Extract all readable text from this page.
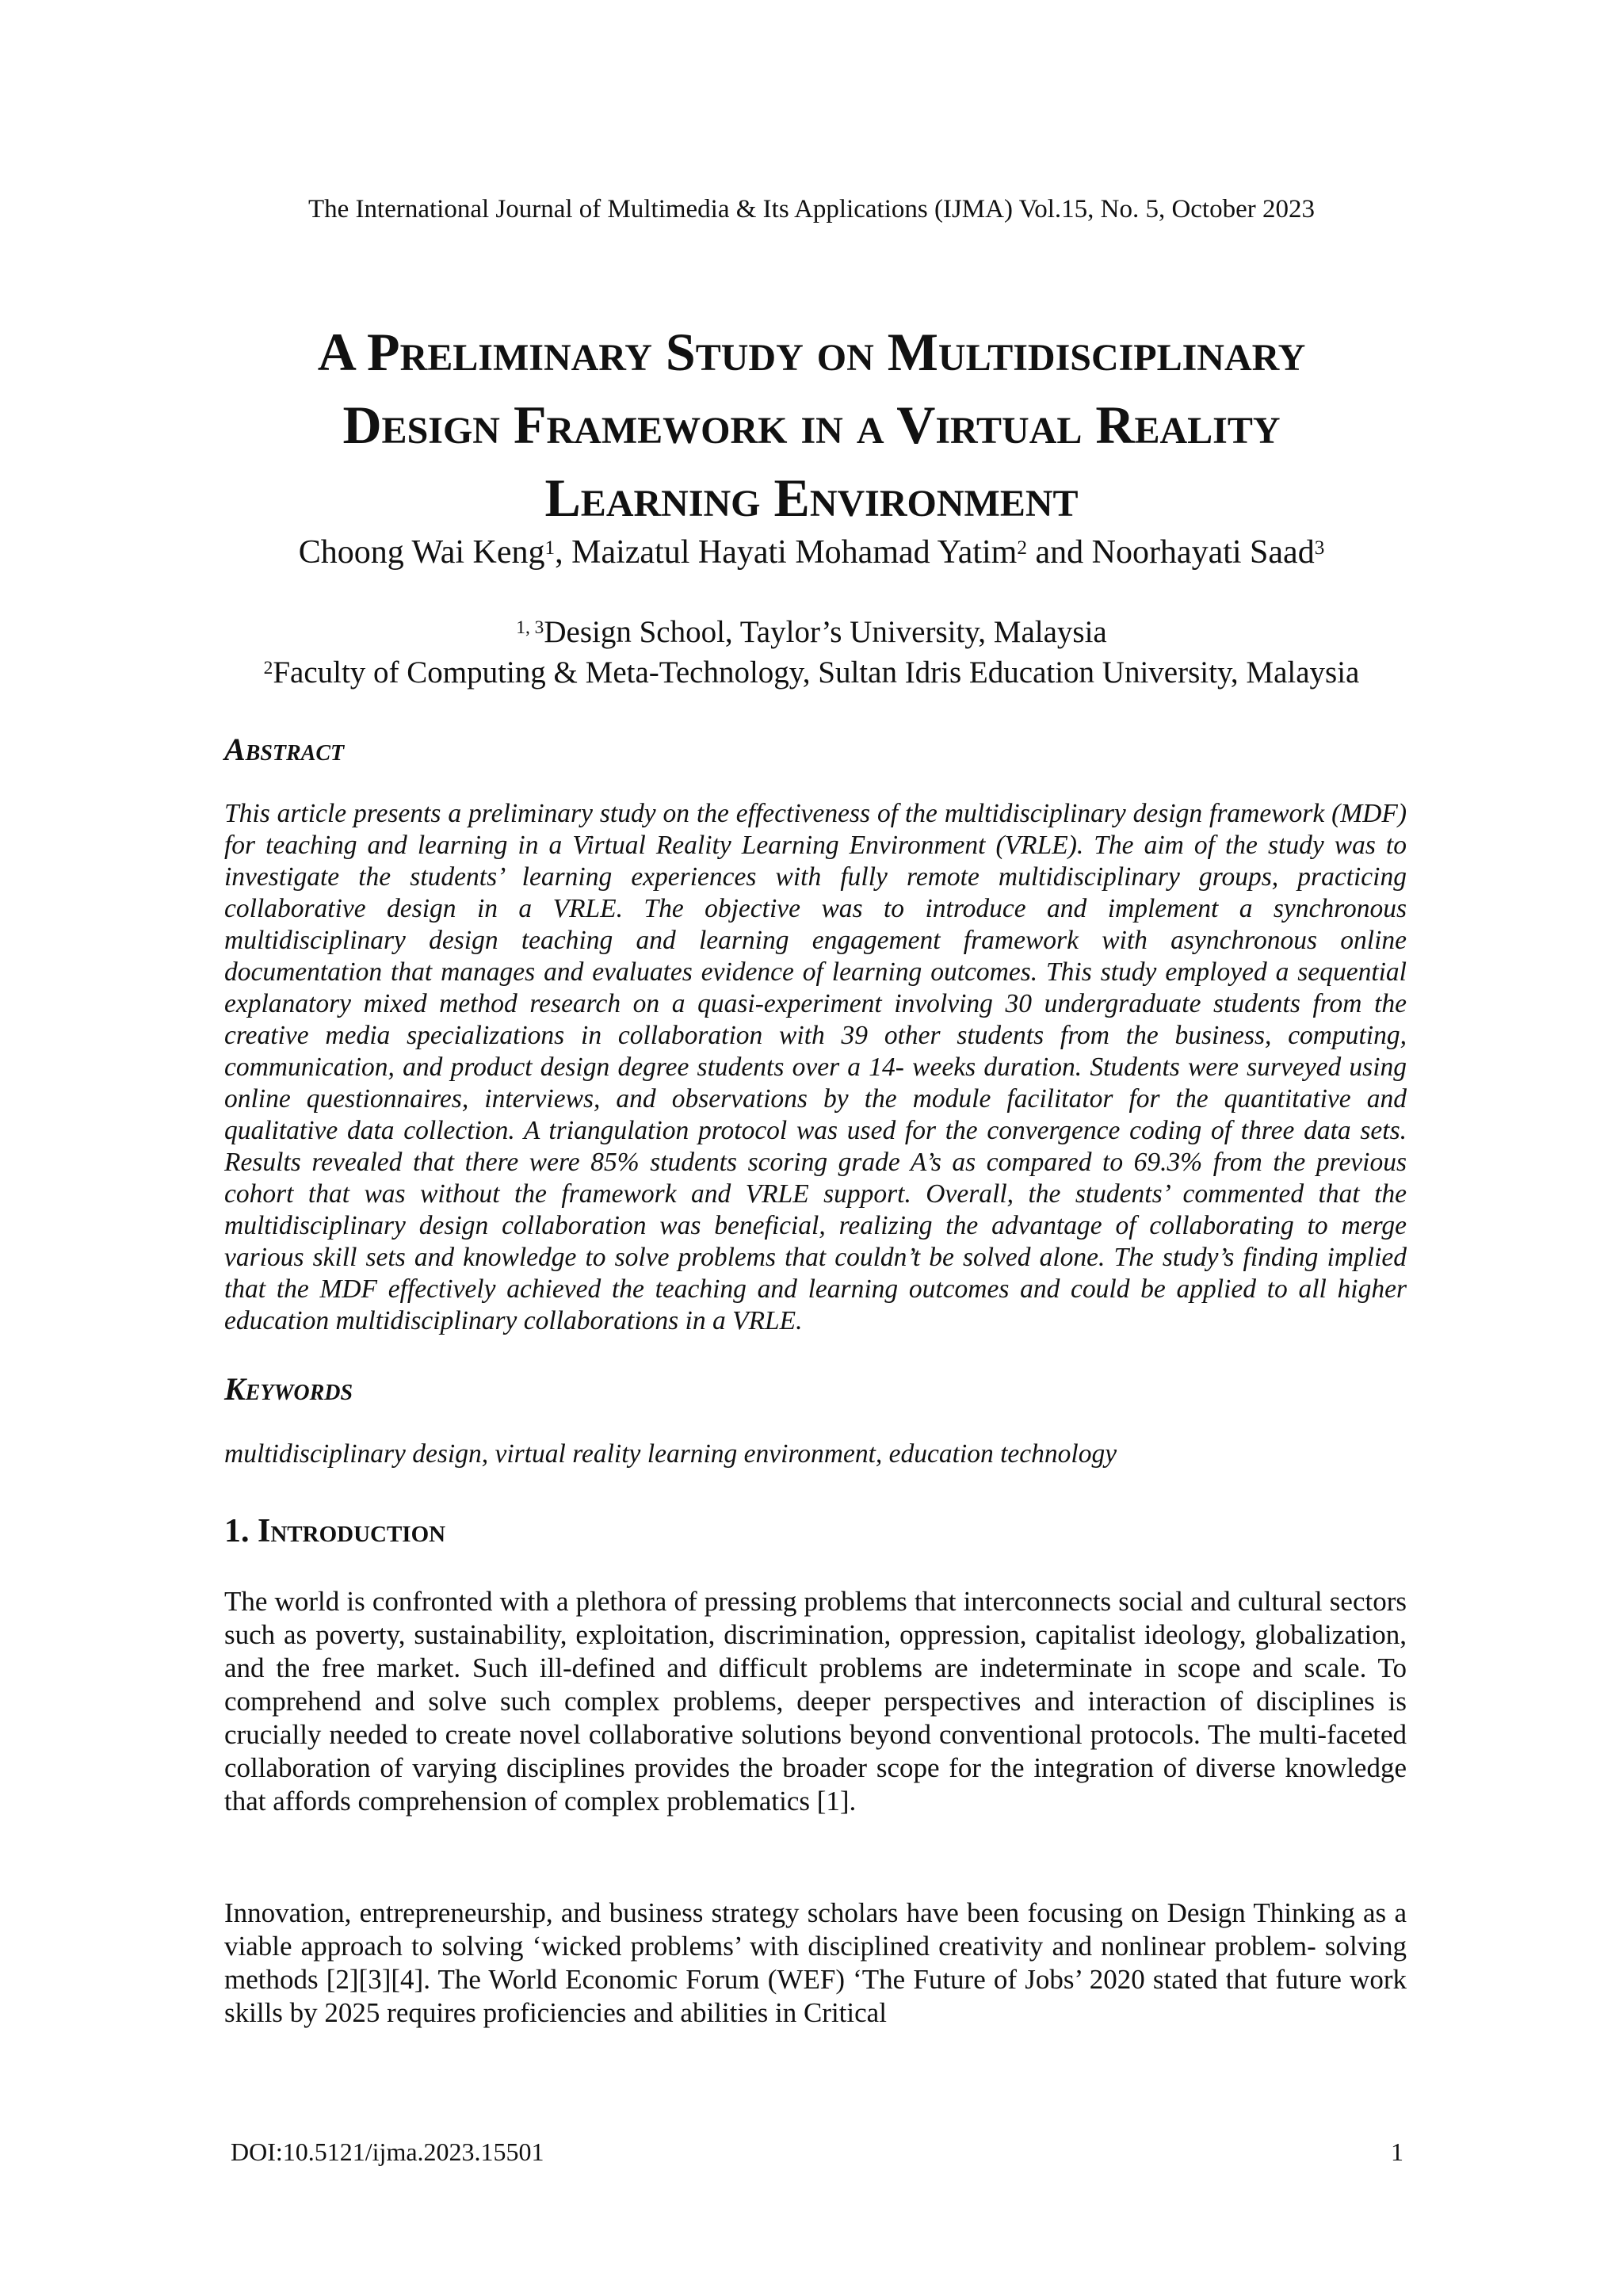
The International Journal of Multimedia & Its Applications (IJMA) Vol.15, No. 5, October 2023
A Preliminary Study on Multidisciplinary
Design Framework in a Virtual Reality
Learning Environment
Choong Wai Keng$^1$, Maizatul Hayati Mohamad Yatim$^2$ and Noorhayati Saad$^3$
$^{1, 3}$Design School, Taylor’s University, Malaysia
$^2$Faculty of Computing & Meta-Technology, Sultan Idris Education University, Malaysia
Abstract
This article presents a preliminary study on the effectiveness of the multidisciplinary design framework (MDF) for teaching and learning in a Virtual Reality Learning Environment (VRLE). The aim of the study was to investigate the students’ learning experiences with fully remote multidisciplinary groups, practicing collaborative design in a VRLE. The objective was to introduce and implement a synchronous multidisciplinary design teaching and learning engagement framework with asynchronous online documentation that manages and evaluates evidence of learning outcomes. This study employed a sequential explanatory mixed method research on a quasi-experiment involving 30 undergraduate students from the creative media specializations in collaboration with 39 other students from the business, computing, communication, and product design degree students over a 14- weeks duration. Students were surveyed using online questionnaires, interviews, and observations by the module facilitator for the quantitative and qualitative data collection. A triangulation protocol was used for the convergence coding of three data sets. Results revealed that there were 85% students scoring grade A’s as compared to 69.3% from the previous cohort that was without the framework and VRLE support. Overall, the students’ commented that the multidisciplinary design collaboration was beneficial, realizing the advantage of collaborating to merge various skill sets and knowledge to solve problems that couldn’t be solved alone. The study’s finding implied that the MDF effectively achieved the teaching and learning outcomes and could be applied to all higher education multidisciplinary collaborations in a VRLE.
Keywords
multidisciplinary design, virtual reality learning environment, education technology
1. Introduction
The world is confronted with a plethora of pressing problems that interconnects social and cultural sectors such as poverty, sustainability, exploitation, discrimination, oppression, capitalist ideology, globalization, and the free market. Such ill-defined and difficult problems are indeterminate in scope and scale. To comprehend and solve such complex problems, deeper perspectives and interaction of disciplines is crucially needed to create novel collaborative solutions beyond conventional protocols. The multi-faceted collaboration of varying disciplines provides the broader scope for the integration of diverse knowledge that affords comprehension of complex problematics [1].
Innovation, entrepreneurship, and business strategy scholars have been focusing on Design Thinking as a viable approach to solving ‘wicked problems’ with disciplined creativity and nonlinear problem- solving methods [2][3][4]. The World Economic Forum (WEF) ‘The Future of Jobs’ 2020 stated that future work skills by 2025 requires proficiencies and abilities in Critical
DOI:10.5121/ijma.2023.15501	1
